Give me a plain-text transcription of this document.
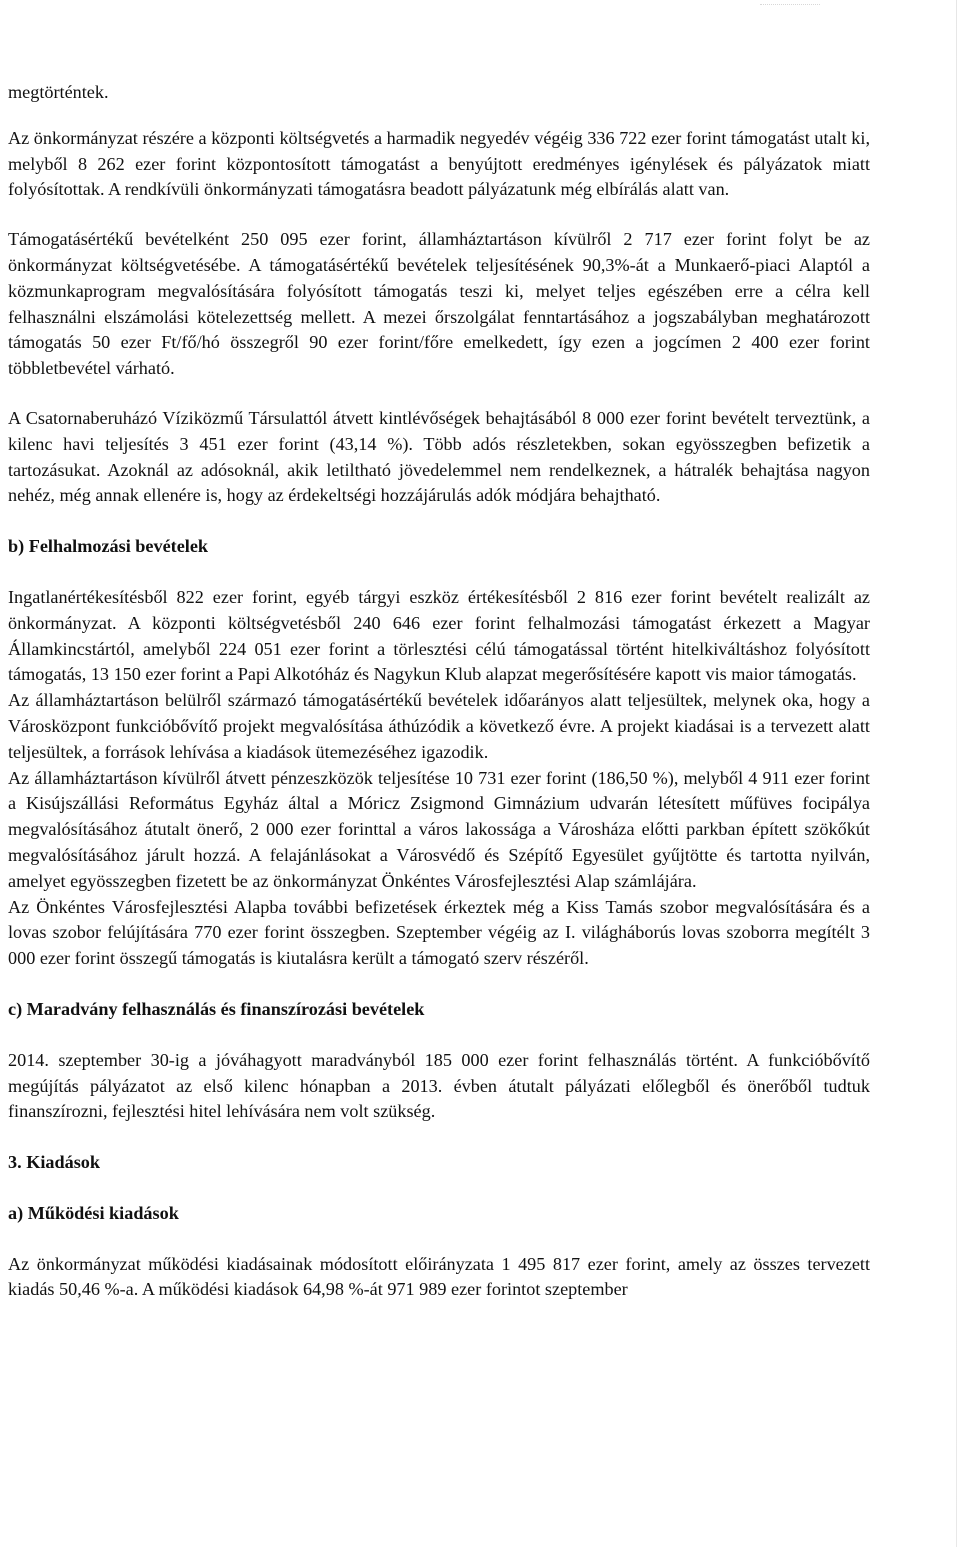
megtörténtek.

Az önkormányzat részére a központi költségvetés a harmadik negyedév végéig 336 722 ezer forint támogatást utalt ki, melyből 8 262 ezer forint központosított támogatást a benyújtott eredményes igénylések és pályázatok miatt folyósítottak. A rendkívüli önkormányzati támogatásra beadott pályázatunk még elbírálás alatt van.

Támogatásértékű bevételként 250 095 ezer forint, államháztartáson kívülről 2 717 ezer forint folyt be az önkormányzat költségvetésébe. A támogatásértékű bevételek teljesítésének 90,3%-át a Munkaerő-piaci Alaptól a közmunkaprogram megvalósítására folyósított támogatás teszi ki, melyet teljes egészében erre a célra kell felhasználni elszámolási kötelezettség mellett. A mezei őrszolgálat fenntartásához a jogszabályban meghatározott támogatás 50 ezer Ft/fő/hó összegről 90 ezer forint/főre emelkedett, így ezen a jogcímen 2 400 ezer forint többletbevétel várható.

A Csatornaberuházó Víziközmű Társulattól átvett kintlévőségek behajtásából 8 000 ezer forint bevételt terveztünk, a kilenc havi teljesítés 3 451 ezer forint (43,14 %). Több adós részletekben, sokan egyösszegben befizetik a tartozásukat. Azoknál az adósoknál, akik letiltható jövedelemmel nem rendelkeznek, a hátralék behajtása nagyon nehéz, még annak ellenére is, hogy az érdekeltségi hozzájárulás adók módjára behajtható.

b) Felhalmozási bevételek

Ingatlanértékesítésből 822 ezer forint, egyéb tárgyi eszköz értékesítésből 2 816 ezer forint bevételt realizált az önkormányzat. A központi költségvetésből 240 646 ezer forint felhalmozási támogatást érkezett a Magyar Államkincstártól, amelyből 224 051 ezer forint a törlesztési célú támogatással történt hitelkiváltáshoz folyósított támogatás, 13 150 ezer forint a Papi Alkotóház és Nagykun Klub alapzat megerősítésére kapott vis maior támogatás.

Az államháztartáson belülről származó támogatásértékű bevételek időarányos alatt teljesültek, melynek oka, hogy a Városközpont funkcióbővítő projekt megvalósítása áthúzódik a következő évre. A projekt kiadásai is a tervezett alatt teljesültek, a források lehívása a kiadások ütemezéséhez igazodik.

Az államháztartáson kívülről átvett pénzeszközök teljesítése 10 731 ezer forint (186,50 %), melyből 4 911 ezer forint a Kisújszállási Református Egyház által a Móricz Zsigmond Gimnázium udvarán létesített műfüves focipálya megvalósításához átutalt önerő, 2 000 ezer forinttal a város lakossága a Városháza előtti parkban épített szökőkút megvalósításához járult hozzá. A felajánlásokat a Városvédő és Szépítő Egyesület gyűjtötte és tartotta nyilván, amelyet egyösszegben fizetett be az önkormányzat Önkéntes Városfejlesztési Alap számlájára.

Az Önkéntes Városfejlesztési Alapba további befizetések érkeztek még a Kiss Tamás szobor megvalósítására és a lovas szobor felújítására 770 ezer forint összegben. Szeptember végéig az I. világháborús lovas szoborra megítélt 3 000 ezer forint összegű támogatás is kiutalásra került a támogató szerv részéről.

c) Maradvány felhasználás és finanszírozási bevételek

2014. szeptember 30-ig a jóváhagyott maradványból 185 000 ezer forint felhasználás történt. A funkcióbővítő megújítás pályázatot az első kilenc hónapban a 2013. évben átutalt pályázati előlegből és önerőből tudtuk finanszírozni, fejlesztési hitel lehívására nem volt szükség.

3. Kiadások

a) Működési kiadások

Az önkormányzat működési kiadásainak módosított előirányzata 1 495 817 ezer forint, amely az összes tervezett kiadás 50,46 %-a. A működési kiadások 64,98 %-át 971 989 ezer forintot szeptember
